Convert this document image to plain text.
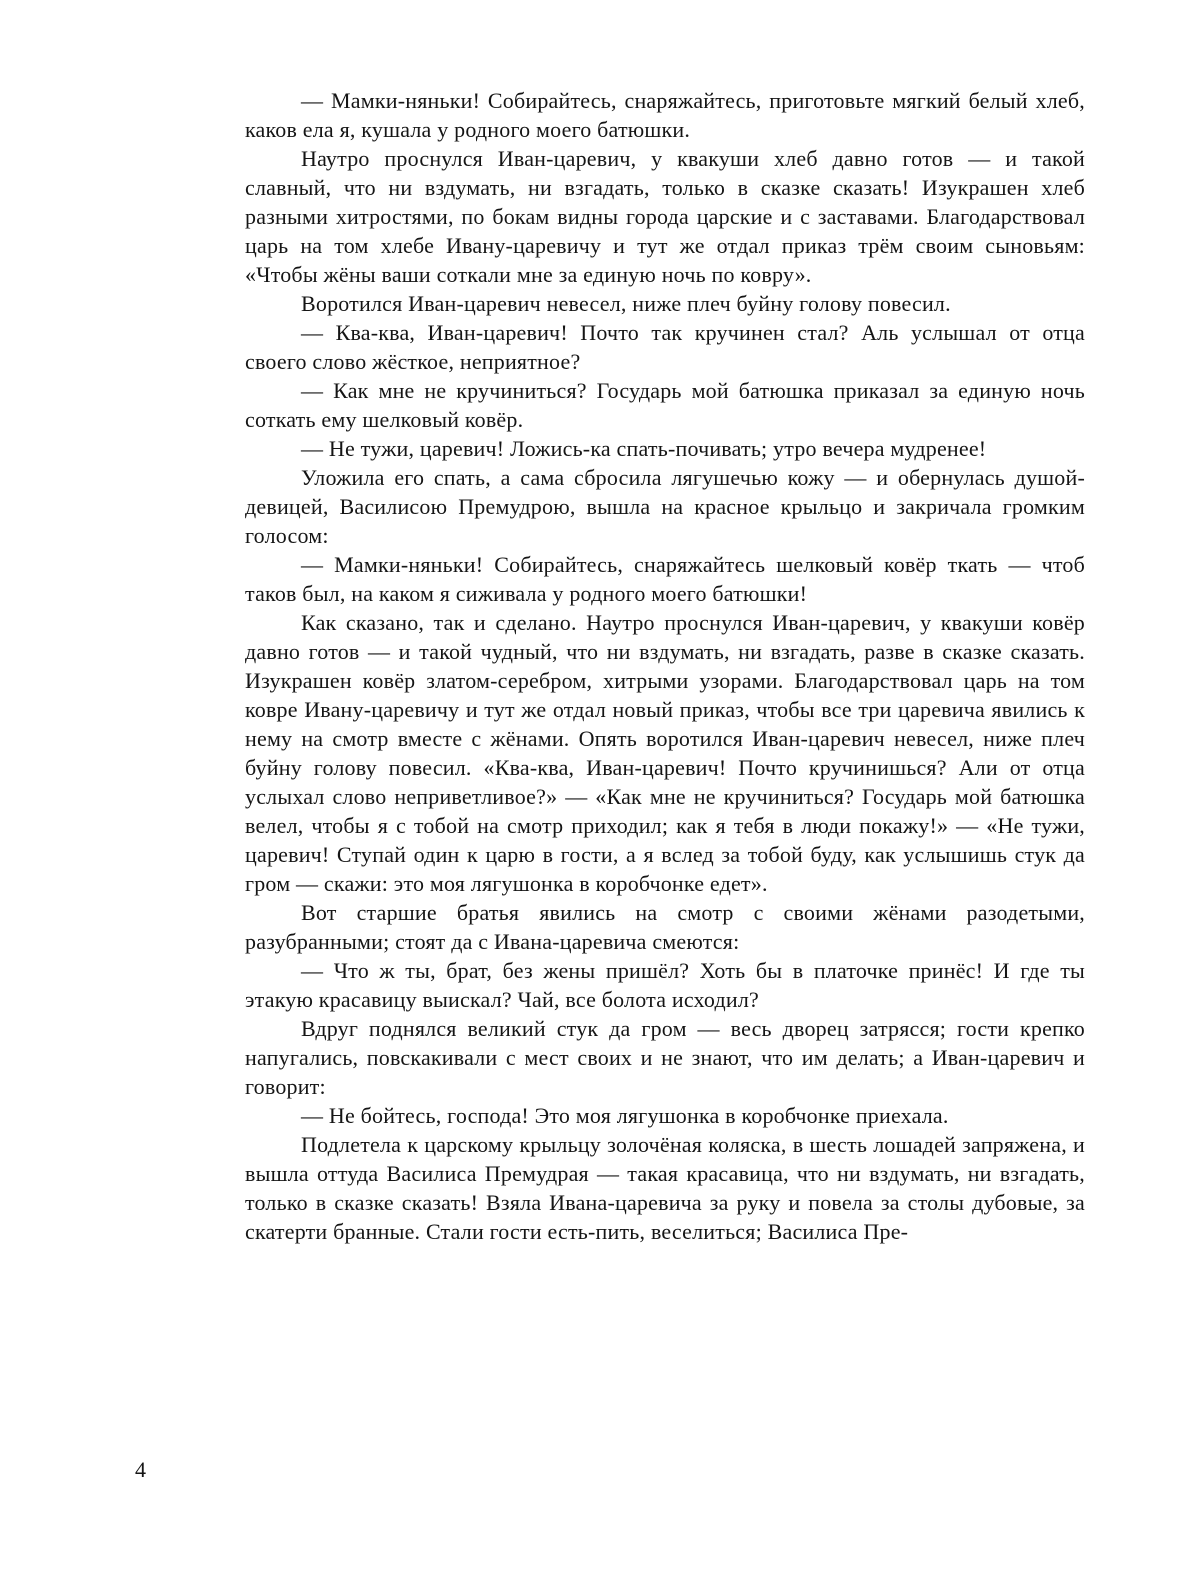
— Мамки-няньки! Собирайтесь, снаряжайтесь, приготовьте мягкий белый хлеб, каков ела я, кушала у родного моего батюшки.

Наутро проснулся Иван-царевич, у квакуши хлеб давно готов — и такой славный, что ни вздумать, ни взгадать, только в сказке сказать! Изукрашен хлеб разными хитростями, по бокам видны города царские и с заставами. Благодарствовал царь на том хлебе Ивану-царевичу и тут же отдал приказ трём своим сыновьям: «Чтобы жёны ваши соткали мне за единую ночь по ковру».

Воротился Иван-царевич невесел, ниже плеч буйну голову повесил.

— Ква-ква, Иван-царевич! Почто так кручинен стал? Аль услышал от отца своего слово жёсткое, неприятное?

— Как мне не кручиниться? Государь мой батюшка приказал за единую ночь соткать ему шелковый ковёр.

— Не тужи, царевич! Ложись-ка спать-почивать; утро вечера мудренее!

Уложила его спать, а сама сбросила лягушечью кожу — и обернулась душой-девицей, Василисою Премудрою, вышла на красное крыльцо и закричала громким голосом:

— Мамки-няньки! Собирайтесь, снаряжайтесь шелковый ковёр ткать — чтоб таков был, на каком я сиживала у родного моего батюшки!

Как сказано, так и сделано. Наутро проснулся Иван-царевич, у квакуши ковёр давно готов — и такой чудный, что ни вздумать, ни взгадать, разве в сказке сказать. Изукрашен ковёр златом-серебром, хитрыми узорами. Благодарствовал царь на том ковре Ивану-царевичу и тут же отдал новый приказ, чтобы все три царевича явились к нему на смотр вместе с жёнами. Опять воротился Иван-царевич невесел, ниже плеч буйну голову повесил. «Ква-ква, Иван-царевич! Почто кручинишься? Али от отца услыхал слово неприветливое?» — «Как мне не кручиниться? Государь мой батюшка велел, чтобы я с тобой на смотр приходил; как я тебя в люди покажу!» — «Не тужи, царевич! Ступай один к царю в гости, а я вслед за тобой буду, как услышишь стук да гром — скажи: это моя лягушонка в коробчонке едет».

Вот старшие братья явились на смотр с своими жёнами разодетыми, разубранными; стоят да с Ивана-царевича смеются:

— Что ж ты, брат, без жены пришёл? Хоть бы в платочке принёс! И где ты этакую красавицу выискал? Чай, все болота исходил?

Вдруг поднялся великий стук да гром — весь дворец затрясся; гости крепко напугались, повскакивали с мест своих и не знают, что им делать; а Иван-царевич и говорит:

— Не бойтесь, господа! Это моя лягушонка в коробчонке приехала.

Подлетела к царскому крыльцу золочёная коляска, в шесть лошадей запряжена, и вышла оттуда Василиса Премудрая — такая красавица, что ни вздумать, ни взгадать, только в сказке сказать! Взяла Ивана-царевича за руку и повела за столы дубовые, за скатерти бранные. Стали гости есть-пить, веселиться; Василиса Пре-

4
